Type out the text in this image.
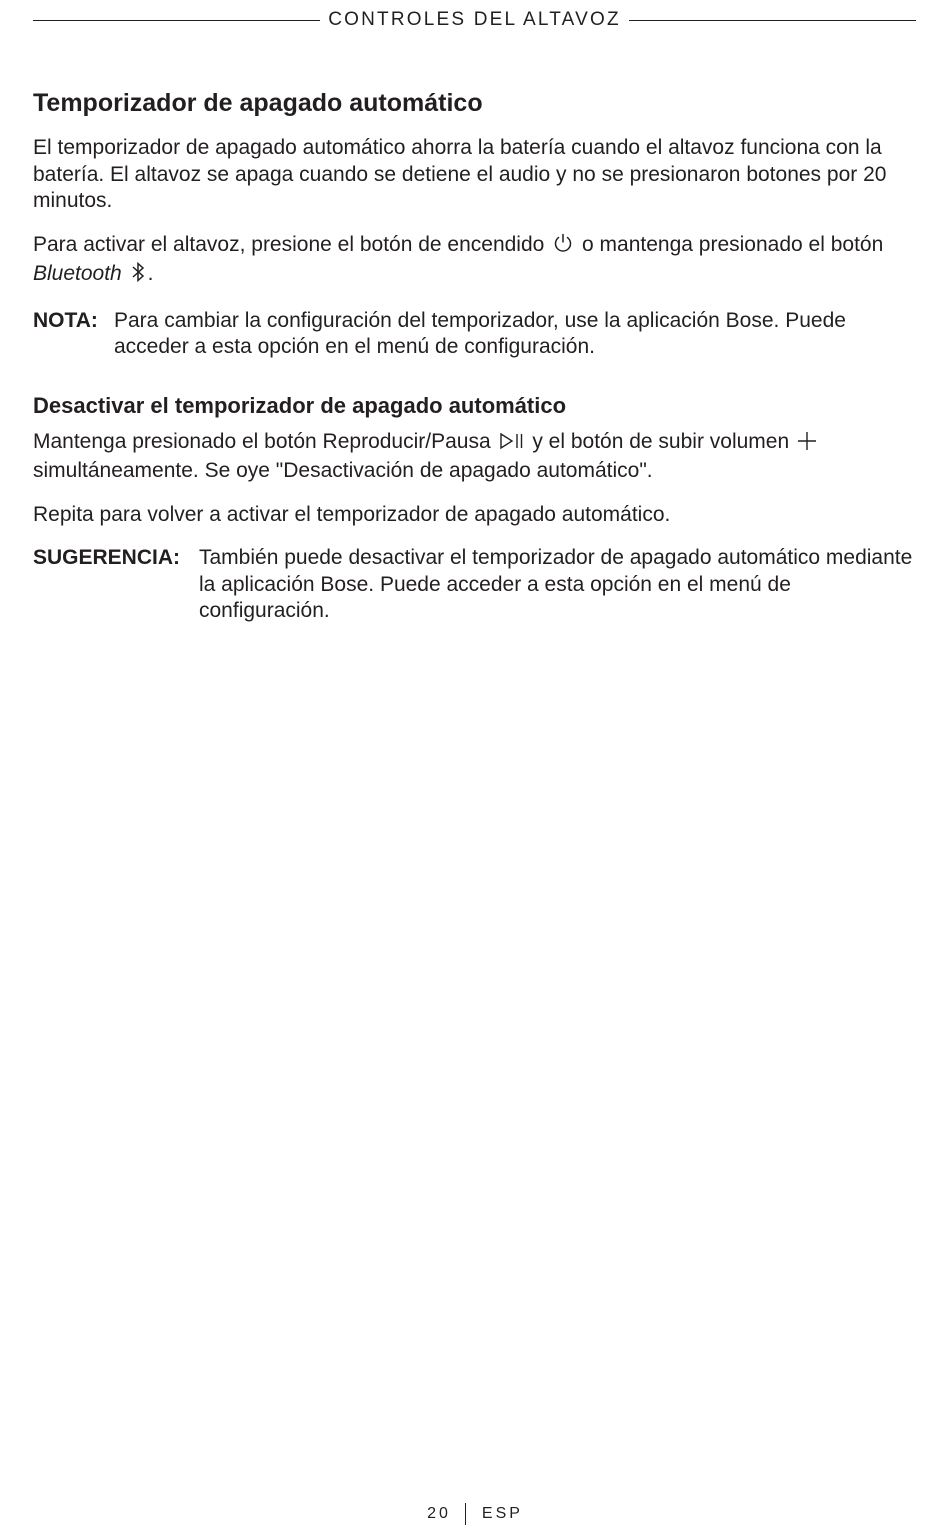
CONTROLES DEL ALTAVOZ
Temporizador de apagado automático

El temporizador de apagado automático ahorra la batería cuando el altavoz funciona con la batería. El altavoz se apaga cuando se detiene el audio y no se presionaron botones por 20 minutos.

Para activar el altavoz, presione el botón de encendido o mantenga presionado el botón Bluetooth .

NOTA: Para cambiar la configuración del temporizador, use la aplicación Bose. Puede acceder a esta opción en el menú de configuración.
Desactivar el temporizador de apagado automático

Mantenga presionado el botón Reproducir/Pausa y el botón de subir volumen  simultáneamente. Se oye "Desactivación de apagado automático".

Repita para volver a activar el temporizador de apagado automático.

SUGERENCIA: También puede desactivar el temporizador de apagado automático mediante la aplicación Bose. Puede acceder a esta opción en el menú de configuración.
20 ESP
